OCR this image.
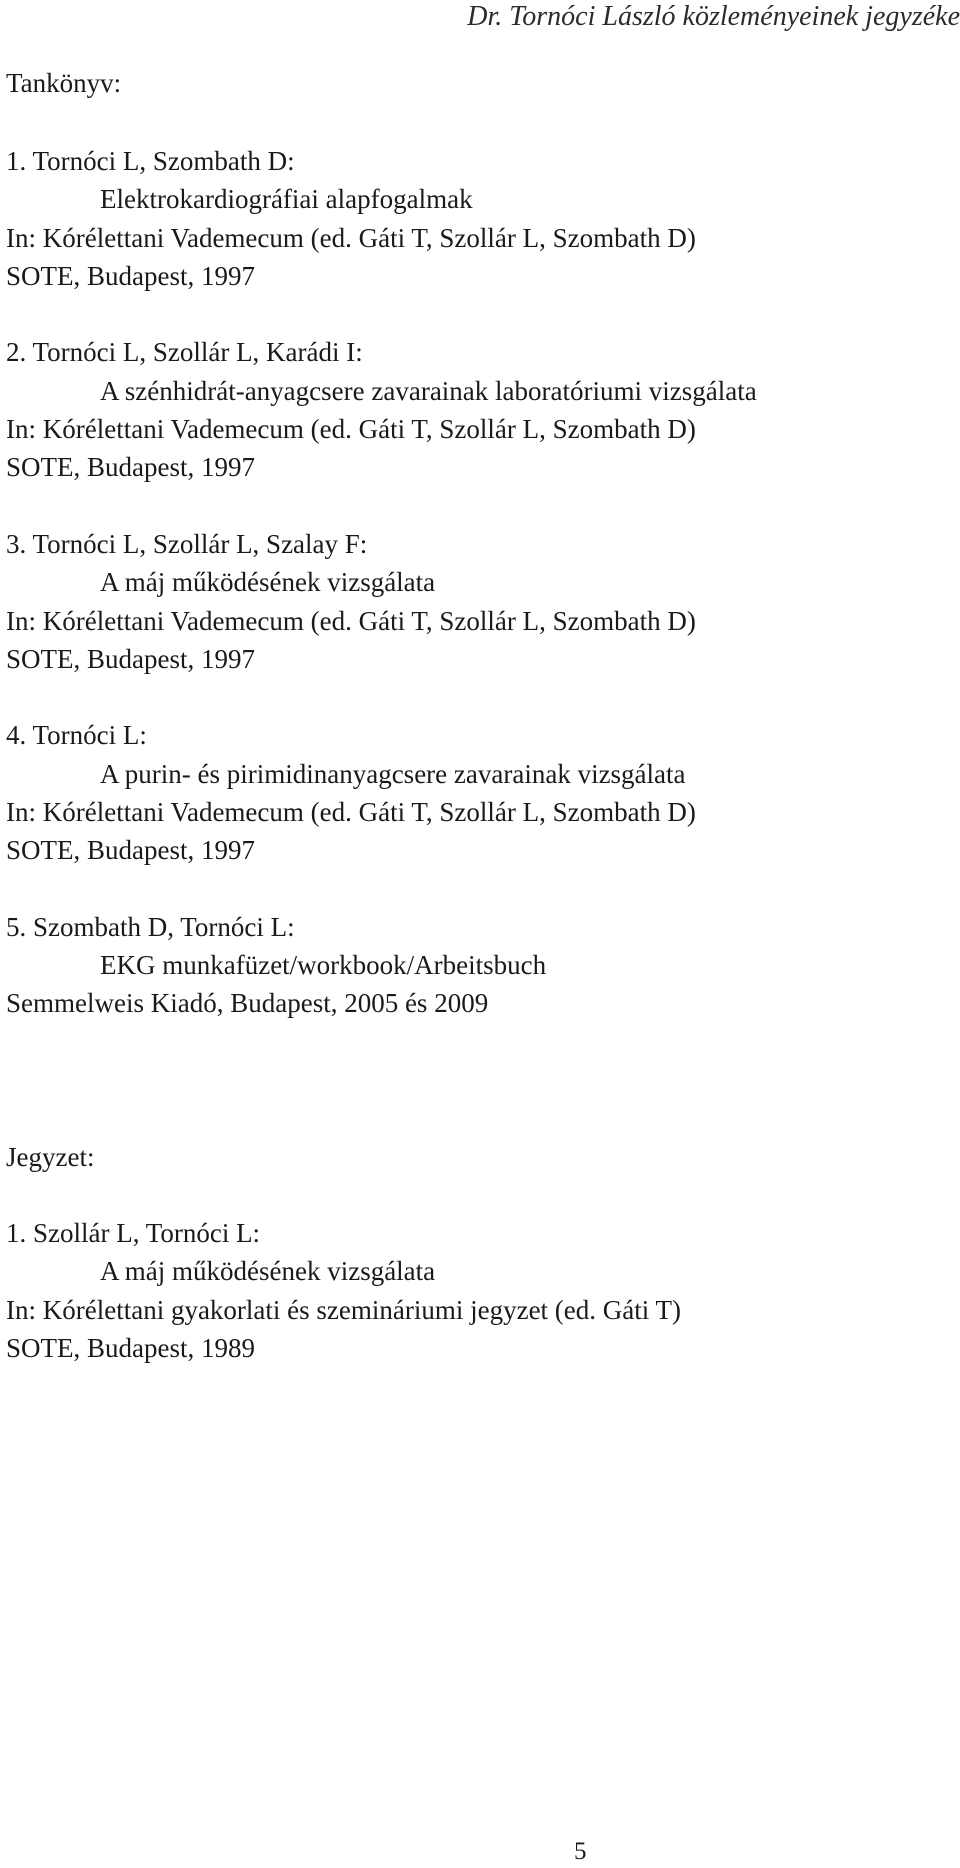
Dr. Tornóci László közleményeinek jegyzéke
Tankönyv:
1. Tornóci L, Szombath D:
Elektrokardiográfiai alapfogalmak
In: Kórélettani Vademecum (ed. Gáti T, Szollár L, Szombath D)
SOTE, Budapest, 1997
2. Tornóci L, Szollár L, Karádi I:
A szénhidrát-anyagcsere zavarainak laboratóriumi vizsgálata
In: Kórélettani Vademecum (ed. Gáti T, Szollár L, Szombath D)
SOTE, Budapest, 1997
3. Tornóci L, Szollár L, Szalay F:
A máj működésének vizsgálata
In: Kórélettani Vademecum (ed. Gáti T, Szollár L, Szombath D)
SOTE, Budapest, 1997
4. Tornóci L:
A purin- és pirimidinanyagcsere zavarainak vizsgálata
In: Kórélettani Vademecum (ed. Gáti T, Szollár L, Szombath D)
SOTE, Budapest, 1997
5. Szombath D, Tornóci L:
EKG munkafüzet/workbook/Arbeitsbuch
Semmelweis Kiadó, Budapest, 2005 és 2009
Jegyzet:
1. Szollár L, Tornóci L:
A máj működésének vizsgálata
In: Kórélettani gyakorlati és szemináriumi jegyzet (ed. Gáti T)
SOTE, Budapest, 1989
5
